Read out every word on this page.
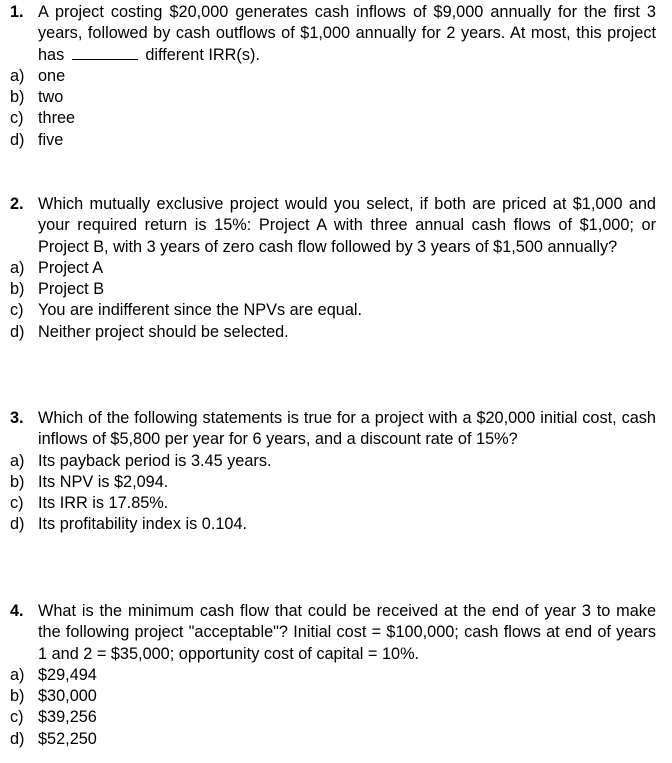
1. A project costing $20,000 generates cash inflows of $9,000 annually for the first 3 years, followed by cash outflows of $1,000 annually for 2 years. At most, this project has	different IRR(s).
a) one
b) two
c) three
d) five
2. Which mutually exclusive project would you select, if both are priced at $1,000 and your required return is 15%: Project A with three annual cash flows of $1,000; or Project B, with 3 years of zero cash flow followed by 3 years of $1,500 annually?
a) Project A
b) Project B
c) You are indifferent since the NPVs are equal.
d) Neither project should be selected.
3. Which of the following statements is true for a project with a $20,000 initial cost, cash inflows of $5,800 per year for 6 years, and a discount rate of 15%?
a) Its payback period is 3.45 years.
b) Its NPV is $2,094.
c) Its IRR is 17.85%.
d) Its profitability index is 0.104.
4. What is the minimum cash flow that could be received at the end of year 3 to make the following project "acceptable"? Initial cost = $100,000; cash flows at end of years 1 and 2 = $35,000; opportunity cost of capital = 10%.
a) $29,494
b) $30,000
c) $39,256
d) $52,250
